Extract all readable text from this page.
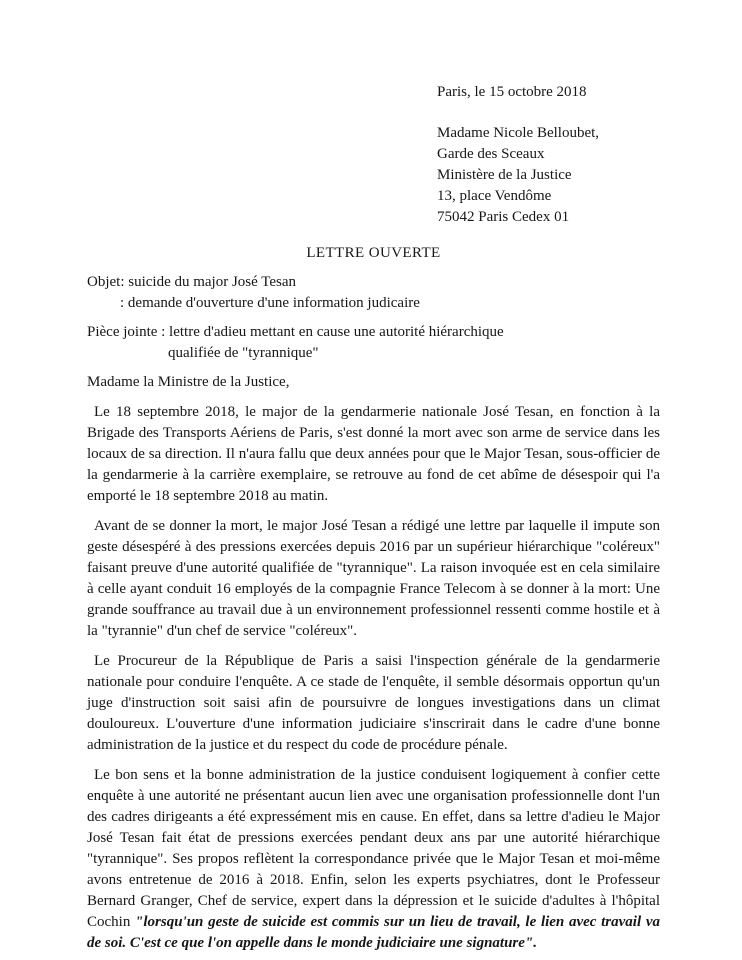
Paris, le 15 octobre 2018

Madame Nicole Belloubet,

Garde des Sceaux

Ministère de la Justice

13, place Vendôme

75042 Paris Cedex 01

LETTRE OUVERTE

Objet: suicide du major José Tesan

: demande d'ouverture d'une information judicaire

Pièce jointe : lettre d'adieu mettant en cause une autorité hiérarchique

qualifiée de "tyrannique"

Madame la Ministre de la Justice,

Le 18 septembre 2018, le major de la gendarmerie nationale José Tesan, en fonction à la Brigade des Transports Aériens de Paris, s'est donné la mort avec son arme de service dans les locaux de sa direction. Il n'aura fallu que deux années pour que le Major Tesan, sous-officier de la gendarmerie à la carrière exemplaire, se retrouve au fond de cet abîme de désespoir qui l'a emporté le 18 septembre 2018 au matin.

Avant de se donner la mort, le major José Tesan a rédigé une lettre par laquelle il impute son geste désespéré à des pressions exercées depuis 2016 par un supérieur hiérarchique "coléreux" faisant preuve d'une autorité qualifiée de "tyrannique". La raison invoquée est en cela similaire à celle ayant conduit 16 employés de la compagnie France Telecom à se donner à la mort: Une grande souffrance au travail due à un environnement professionnel ressenti comme hostile et à la "tyrannie" d'un chef de service "coléreux".

Le Procureur de la République de Paris a saisi l'inspection générale de la gendarmerie nationale pour conduire l'enquête. A ce stade de l'enquête, il semble désormais opportun qu'un juge d'instruction soit saisi afin de poursuivre de longues investigations dans un climat douloureux. L'ouverture d'une information judiciaire s'inscrirait dans le cadre d'une bonne administration de la justice et du respect du code de procédure pénale.

Le bon sens et la bonne administration de la justice conduisent logiquement à confier cette enquête à une autorité ne présentant aucun lien avec une organisation professionnelle dont l'un des cadres dirigeants a été expressément mis en cause. En effet, dans sa lettre d'adieu le Major José Tesan fait état de pressions exercées pendant deux ans par une autorité hiérarchique "tyrannique". Ses propos reflètent la correspondance privée que le Major Tesan et moi-même avons entretenue de 2016 à 2018. Enfin, selon les experts psychiatres, dont le Professeur Bernard Granger, Chef de service, expert dans la dépression et le suicide d'adultes à l'hôpital Cochin "lorsqu'un geste de suicide est commis sur un lieu de travail, le lien avec travail va de soi. C'est ce que l'on appelle dans le monde judiciaire une signature".
